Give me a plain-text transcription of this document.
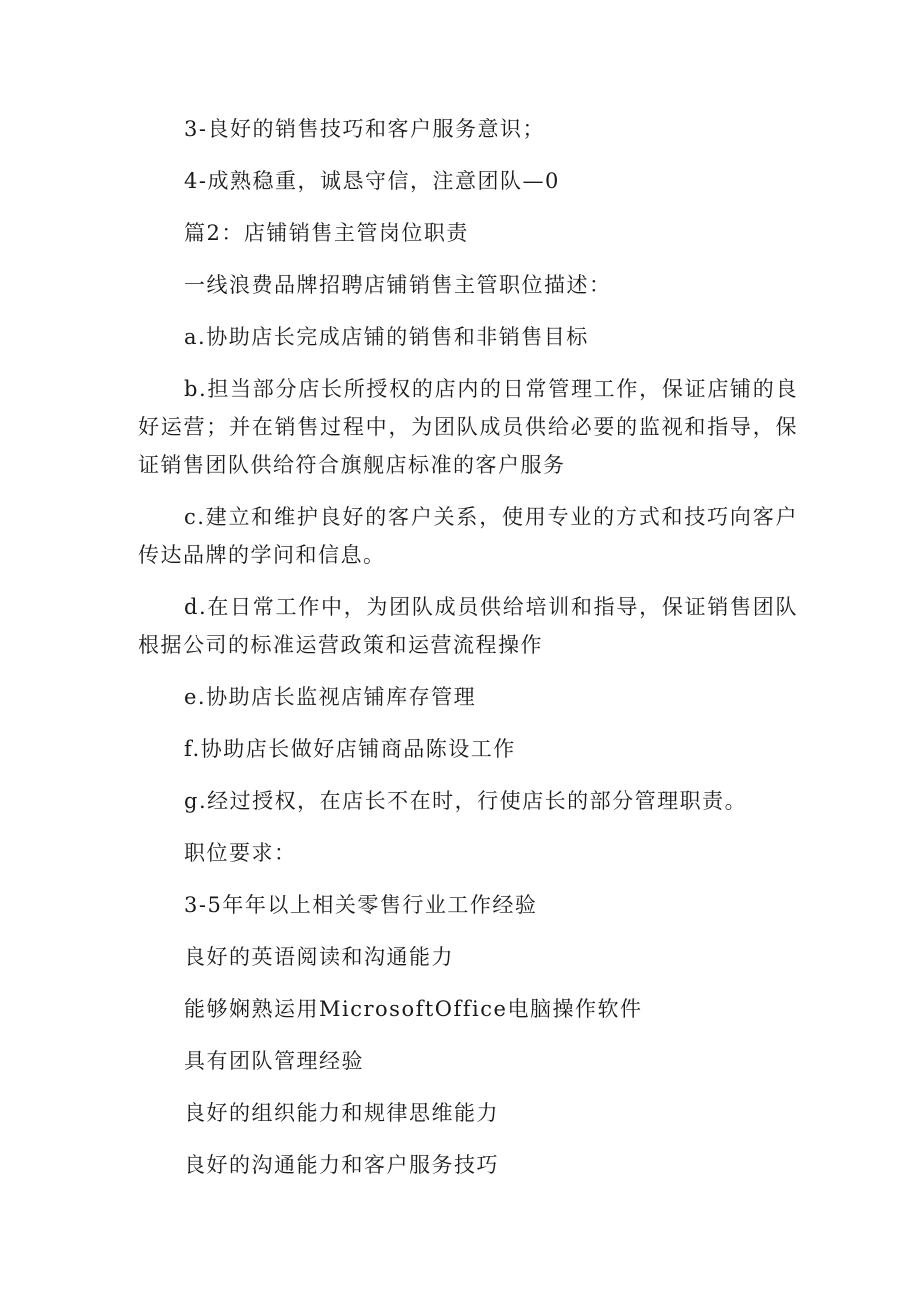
3-良好的销售技巧和客户服务意识；

4-成熟稳重，诚恳守信，注意团队—0

篇2：店铺销售主管岗位职责

一线浪费品牌招聘店铺销售主管职位描述：

a.协助店长完成店铺的销售和非销售目标

b.担当部分店长所授权的店内的日常管理工作，保证店铺的良好运营；并在销售过程中，为团队成员供给必要的监视和指导，保证销售团队供给符合旗舰店标准的客户服务

c.建立和维护良好的客户关系，使用专业的方式和技巧向客户传达品牌的学问和信息。

d.在日常工作中，为团队成员供给培训和指导，保证销售团队根据公司的标准运营政策和运营流程操作

e.协助店长监视店铺库存管理

f.协助店长做好店铺商品陈设工作

g.经过授权，在店长不在时，行使店长的部分管理职责。

职位要求：

3-5年年以上相关零售行业工作经验

良好的英语阅读和沟通能力

能够娴熟运用MicrosoftOffice电脑操作软件

具有团队管理经验

良好的组织能力和规律思维能力

良好的沟通能力和客户服务技巧
